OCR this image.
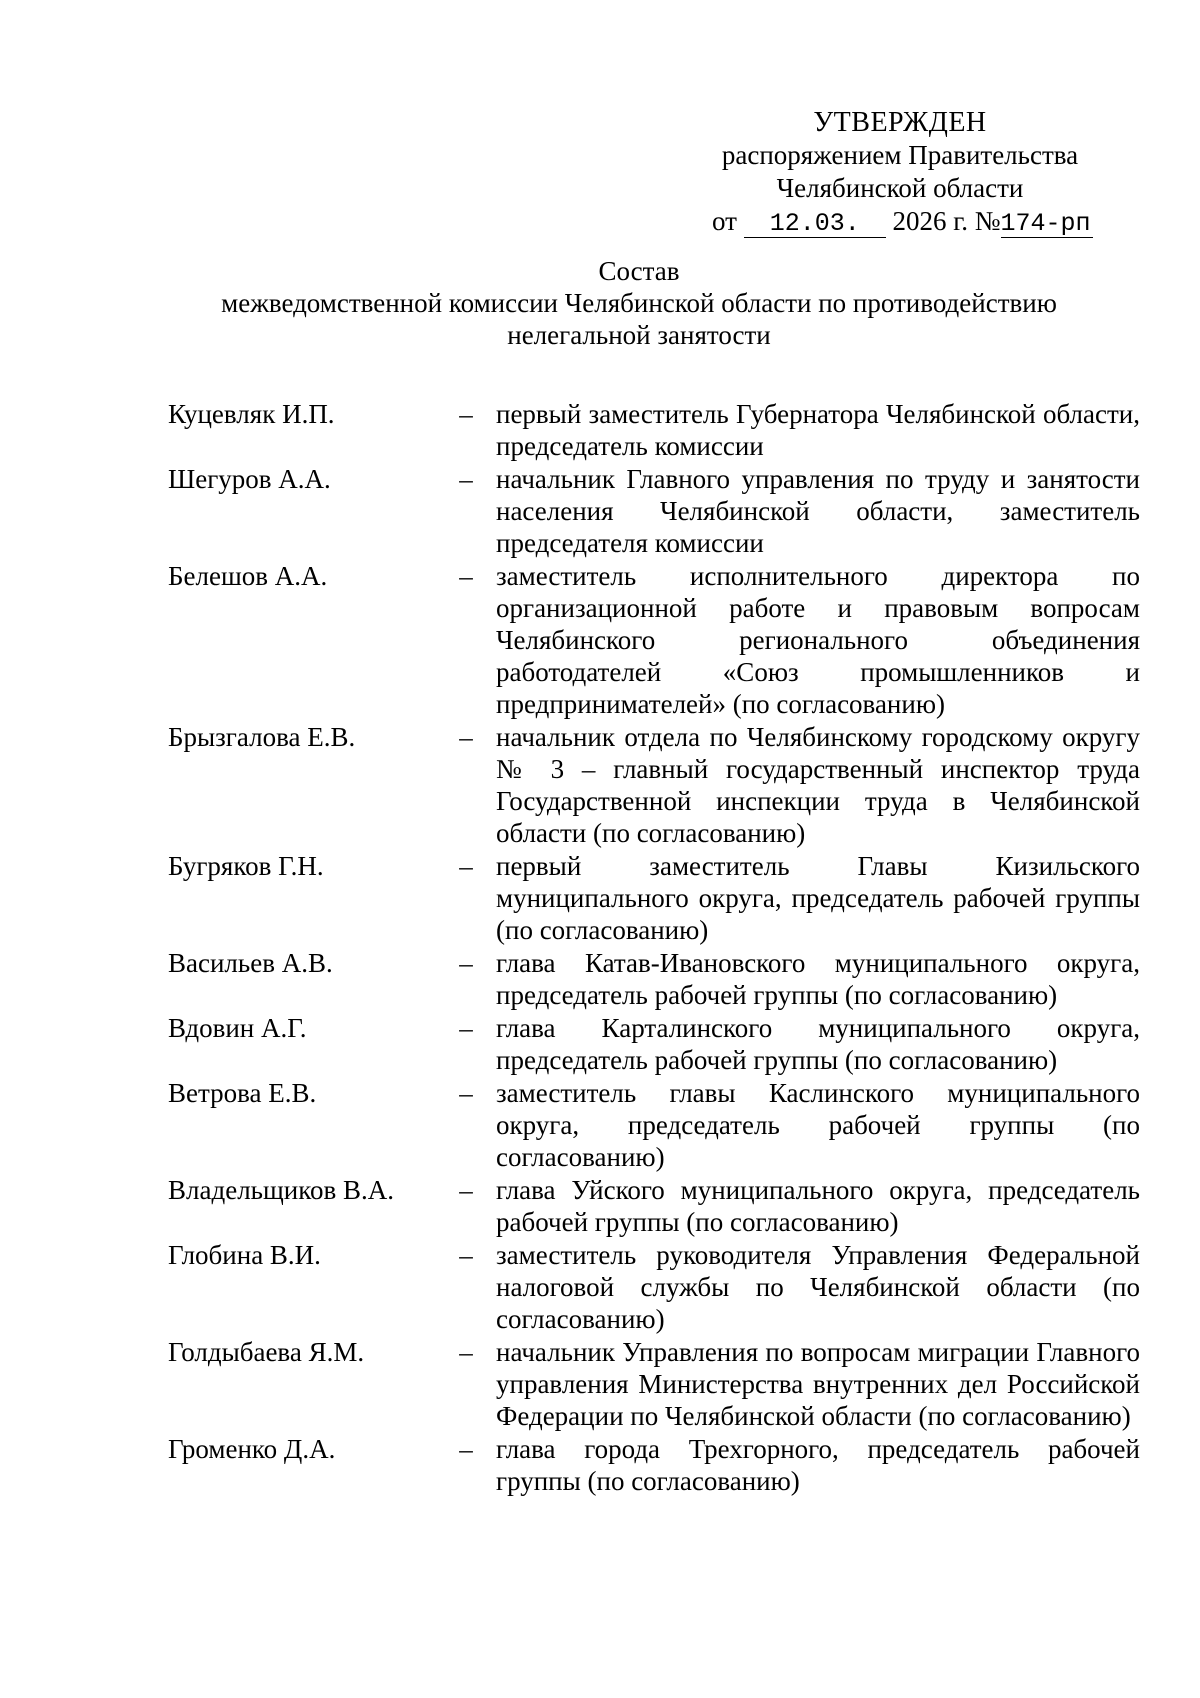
УТВЕРЖДЕН
распоряжением Правительства
Челябинской области
от 12.03. 2026 г. №174-рп
Состав
межведомственной комиссии Челябинской области по противодействию
нелегальной занятости
Куцевляк И.П.	– первый заместитель Губернатора Челябинской области, председатель комиссии
Шегуров А.А.	– начальник Главного управления по труду и занятости населения Челябинской области, заместитель председателя комиссии
Белешов А.А.	– заместитель исполнительного директора по организационной работе и правовым вопросам Челябинского регионального объединения работодателей «Союз промышленников и предпринимателей» (по согласованию)
Брызгалова Е.В.	– начальник отдела по Челябинскому городскому округу № 3 – главный государственный инспектор труда Государственной инспекции труда в Челябинской области (по согласованию)
Бугряков Г.Н.	– первый заместитель Главы Кизильского муниципального округа, председатель рабочей группы (по согласованию)
Васильев А.В.	– глава Катав-Ивановского муниципального округа, председатель рабочей группы (по согласованию)
Вдовин А.Г.	– глава Карталинского муниципального округа, председатель рабочей группы (по согласованию)
Ветрова Е.В.	– заместитель главы Каслинского муниципального округа, председатель рабочей группы (по согласованию)
Владельщиков В.А.	– глава Уйского муниципального округа, председатель рабочей группы (по согласованию)
Глобина В.И.	– заместитель руководителя Управления Федеральной налоговой службы по Челябинской области (по согласованию)
Голдыбаева Я.М.	– начальник Управления по вопросам миграции Главного управления Министерства внутренних дел Российской Федерации по Челябинской области (по согласованию)
Громенко Д.А.	– глава города Трехгорного, председатель рабочей группы (по согласованию)
